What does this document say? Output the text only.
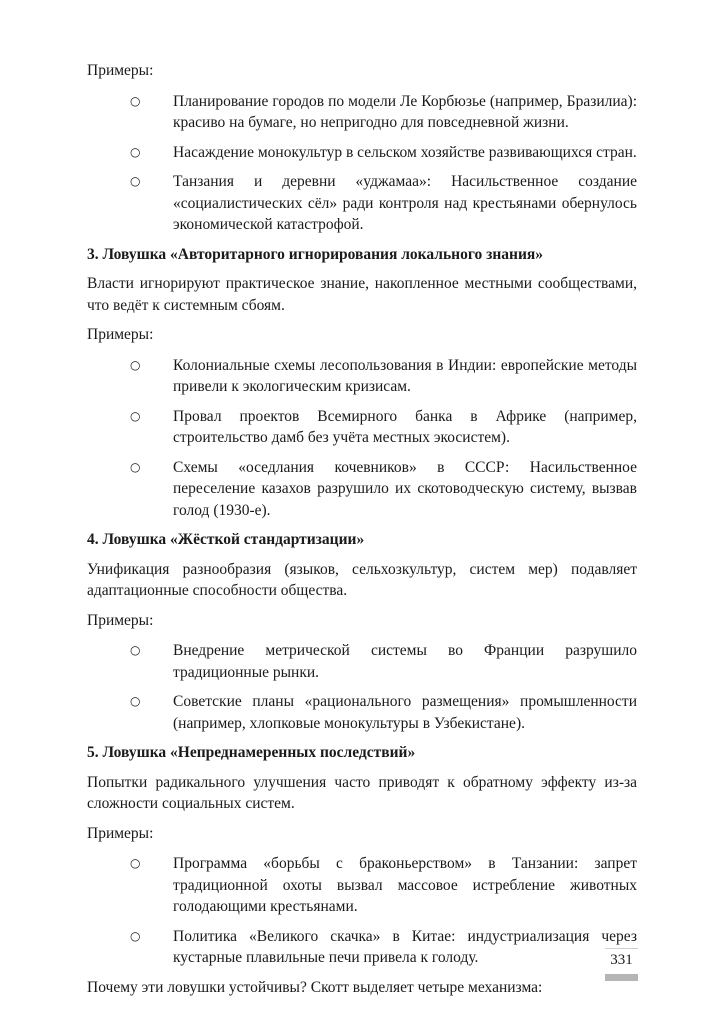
Примеры:

○ Планирование городов по модели Ле Корбюзье (например, Бразилиа): красиво на бумаге, но непригодно для повседневной жизни.
○ Насаждение монокультур в сельском хозяйстве развивающихся стран.
○ Танзания и деревни «уджамаа»: Насильственное создание «социалистических сёл» ради контроля над крестьянами обернулось экономической катастрофой.

3. Ловушка «Авторитарного игнорирования локального знания»

Власти игнорируют практическое знание, накопленное местными сообществами, что ведёт к системным сбоям.

Примеры:

○ Колониальные схемы лесопользования в Индии: европейские методы привели к экологическим кризисам.
○ Провал проектов Всемирного банка в Африке (например, строительство дамб без учёта местных экосистем).
○ Схемы «оседлания кочевников» в СССР: Насильственное переселение казахов разрушило их скотоводческую систему, вызвав голод (1930-е).

4. Ловушка «Жёсткой стандартизации»

Унификация разнообразия (языков, сельхозкультур, систем мер) подавляет адаптационные способности общества.

Примеры:

○ Внедрение метрической системы во Франции разрушило традиционные рынки.
○ Советские планы «рационального размещения» промышленности (например, хлопковые монокультуры в Узбекистане).

5. Ловушка «Непреднамеренных последствий»

Попытки радикального улучшения часто приводят к обратному эффекту из-за сложности социальных систем.

Примеры:

○ Программа «борьбы с браконьерством» в Танзании: запрет традиционной охоты вызвал массовое истребление животных голодающими крестьянами.
○ Политика «Великого скачка» в Китае: индустриализация через кустарные плавильные печи привела к голоду.

Почему эти ловушки устойчивы? Скотт выделяет четыре механизма:

331
